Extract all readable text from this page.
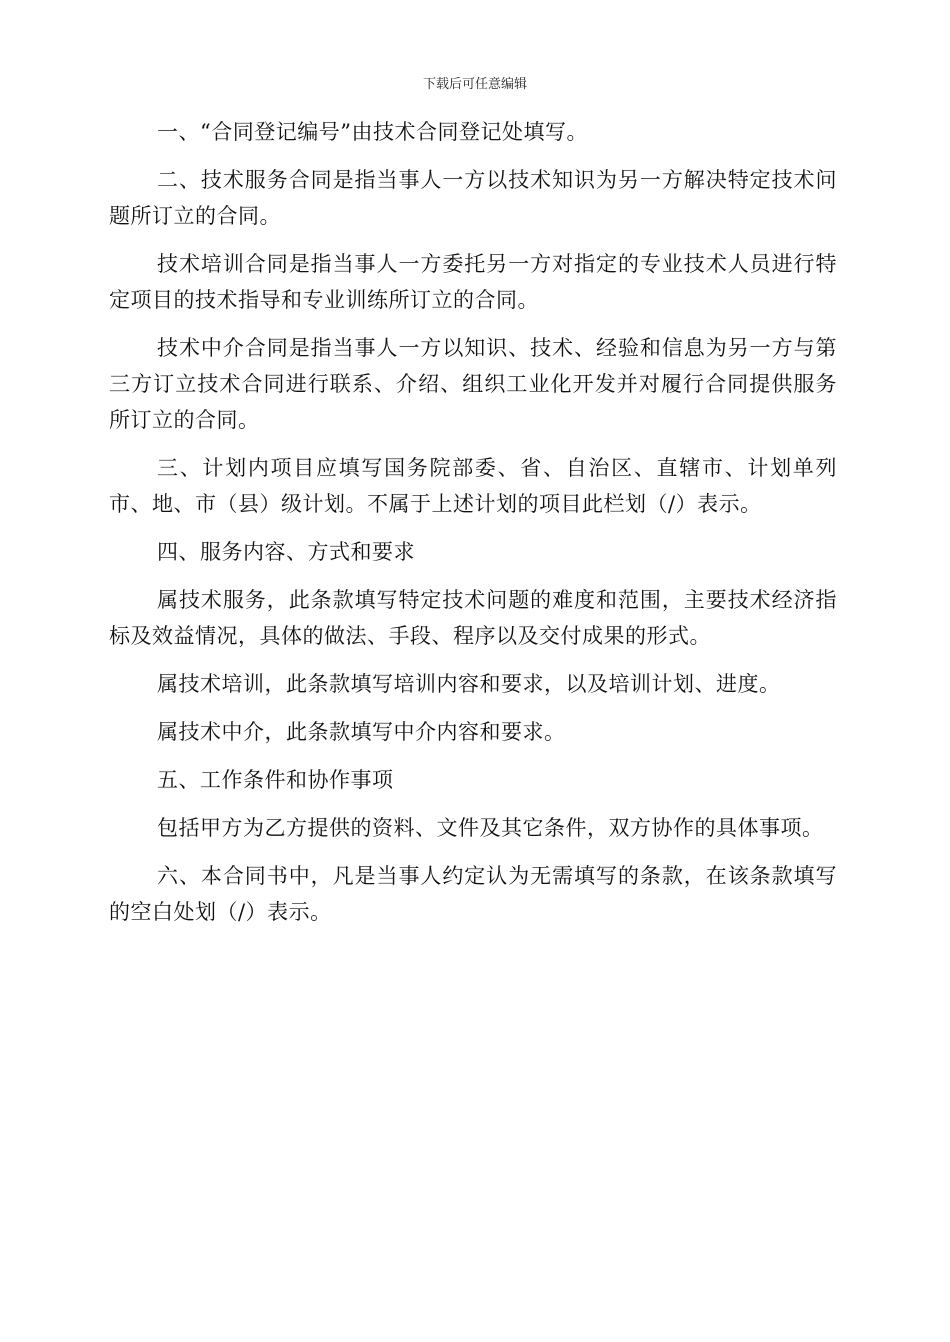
下载后可任意编辑

一、“合同登记编号”由技术合同登记处填写。

二、技术服务合同是指当事人一方以技术知识为另一方解决特定技术问题所订立的合同。

技术培训合同是指当事人一方委托另一方对指定的专业技术人员进行特定项目的技术指导和专业训练所订立的合同。

技术中介合同是指当事人一方以知识、技术、经验和信息为另一方与第三方订立技术合同进行联系、介绍、组织工业化开发并对履行合同提供服务所订立的合同。

三、计划内项目应填写国务院部委、省、自治区、直辖市、计划单列市、地、市（县）级计划。不属于上述计划的项目此栏划（/）表示。

四、服务内容、方式和要求

属技术服务，此条款填写特定技术问题的难度和范围，主要技术经济指标及效益情况，具体的做法、手段、程序以及交付成果的形式。

属技术培训，此条款填写培训内容和要求，以及培训计划、进度。

属技术中介，此条款填写中介内容和要求。

五、工作条件和协作事项

包括甲方为乙方提供的资料、文件及其它条件，双方协作的具体事项。

六、本合同书中，凡是当事人约定认为无需填写的条款，在该条款填写的空白处划（/）表示。
